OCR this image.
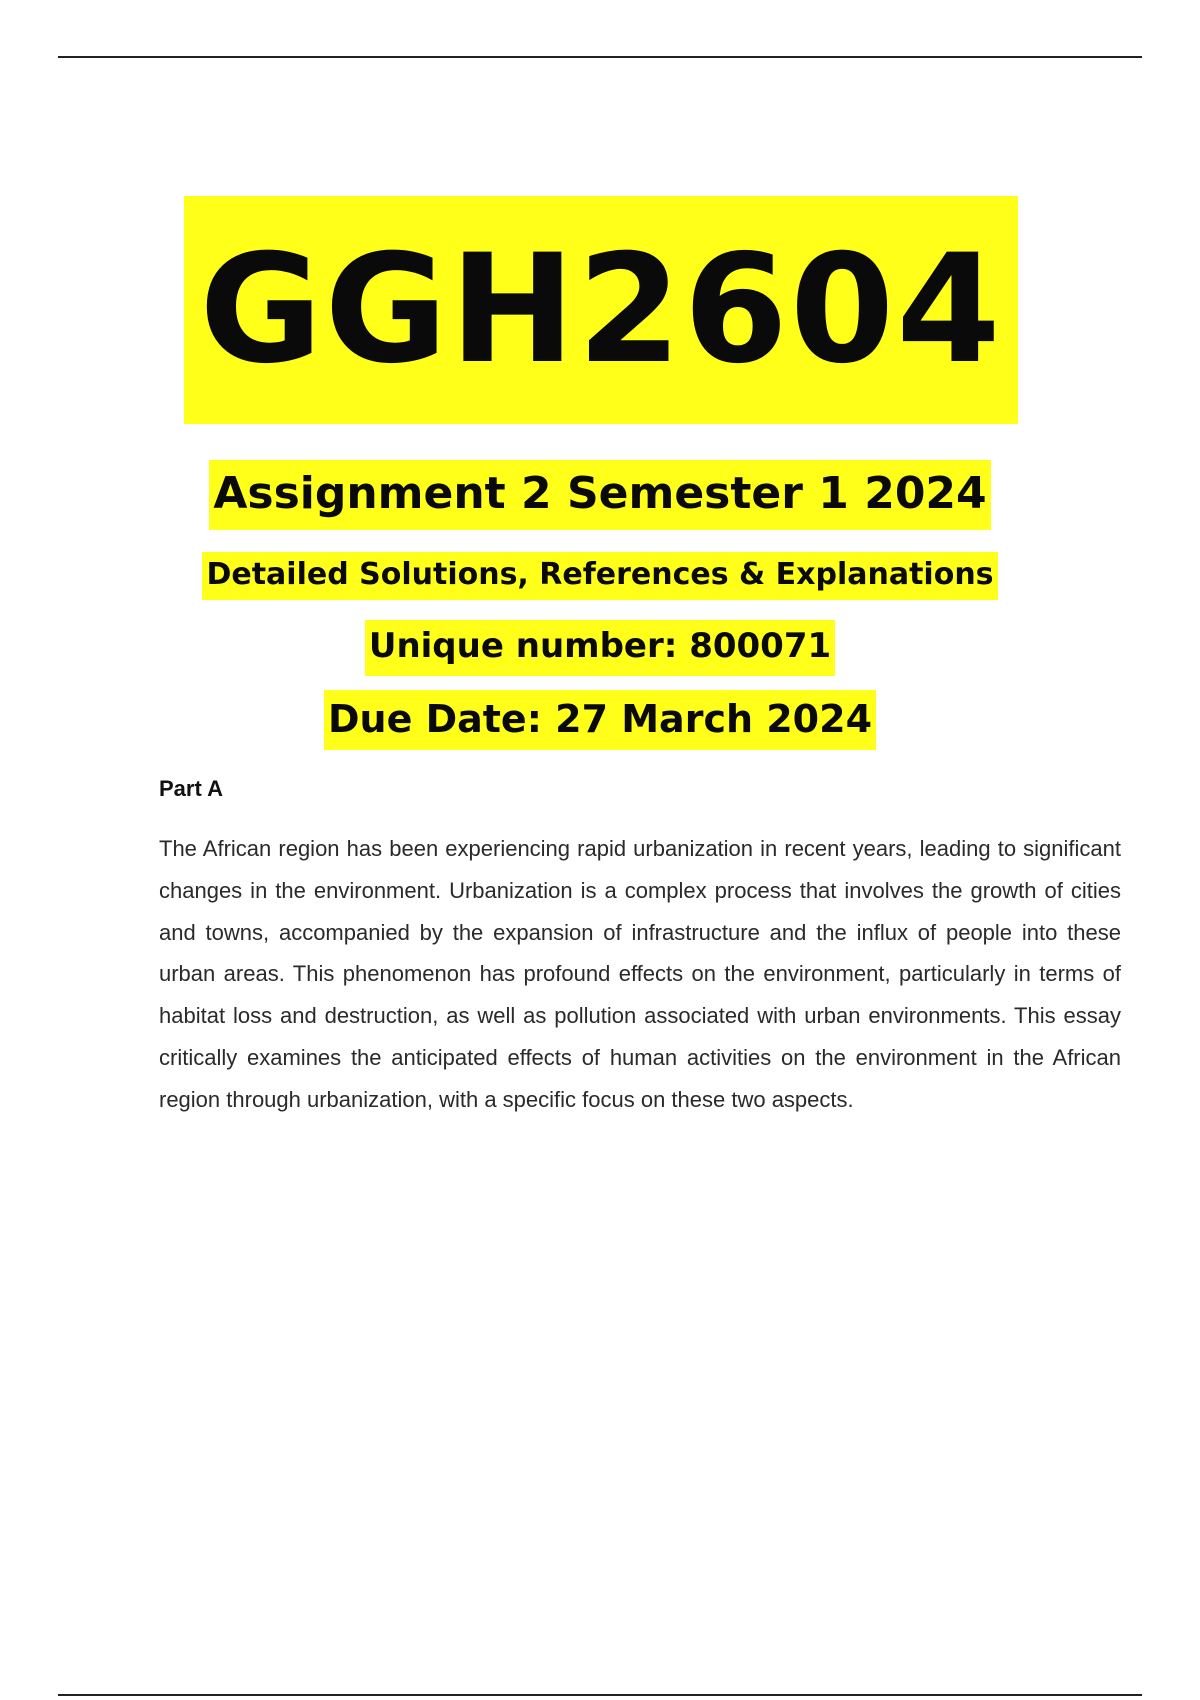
GGH2604
Assignment 2 Semester 1 2024
Detailed Solutions, References & Explanations
Unique number: 800071
Due Date: 27 March 2024
Part A

The African region has been experiencing rapid urbanization in recent years, leading to significant changes in the environment. Urbanization is a complex process that involves the growth of cities and towns, accompanied by the expansion of infrastructure and the influx of people into these urban areas. This phenomenon has profound effects on the environment, particularly in terms of habitat loss and destruction, as well as pollution associated with urban environments. This essay critically examines the anticipated effects of human activities on the environment in the African region through urbanization, with a specific focus on these two aspects.
